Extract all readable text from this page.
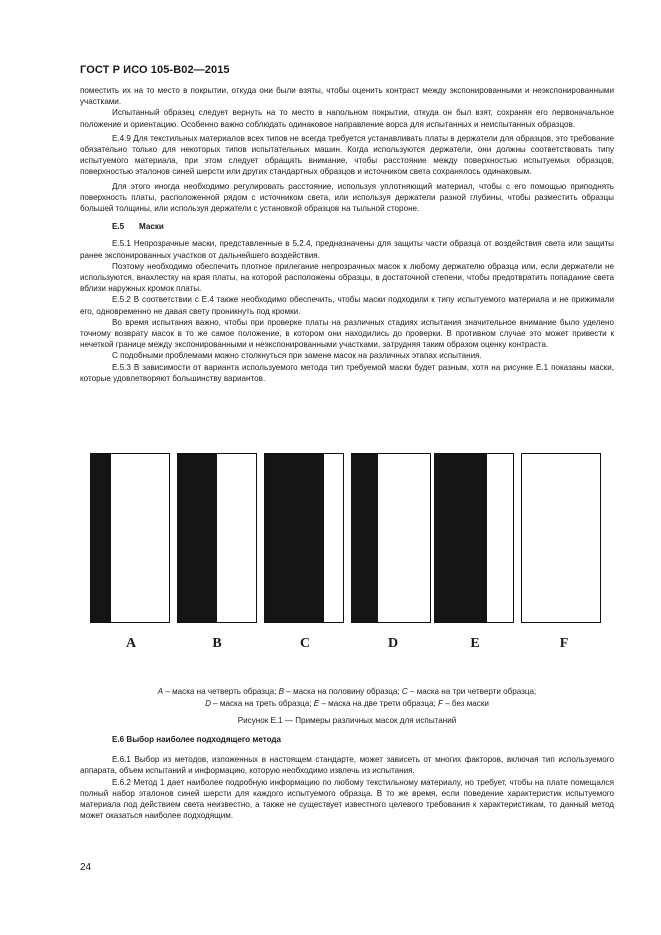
ГОСТ Р ИСО 105-B02—2015

поместить их на то место в покрытии, откуда они были взяты, чтобы оценить контраст между экспонированными и неэкспонированными участками.

Испытанный образец следует вернуть на то место в напольном покрытии, откуда он был взят, сохраняя его первоначальное положение и ориентацию. Особенно важно соблюдать одинаковое направление ворса для испытанных и неиспытанных образцов.

E.4.9 Для текстильных материалов всех типов не всегда требуется устанавливать платы в держатели для образцов, это требование обязательно только для некоторых типов испытательных машин. Когда используются держатели, они должны соответствовать типу испытуемого материала, при этом следует обращать внимание, чтобы расстояние между поверхностью испытуемых образцов, поверхностью эталонов синей шерсти или других стандартных образцов и источником света сохранялось одинаковым.

Для этого иногда необходимо регулировать расстояние, используя уплотняющий материал, чтобы с его помощью приподнять поверхность платы, расположенной рядом с источником света, или используя держатели разной глубины, чтобы разместить образцы большей толщины, или используя держатели с установкой образцов на тыльной стороне.

E.5 Маски

E.5.1 Непрозрачные маски, представленные в 5.2.4, предназначены для защиты части образца от воздействия света или защиты ранее экспонированных участков от дальнейшего воздействия.

Поэтому необходимо обеспечить плотное прилегание непрозрачных масок к любому держателю образца или, если держатели не используются, внахлестку на края платы, на которой расположены образцы, в достаточной степени, чтобы предотвратить попадание света вблизи наружных кромок платы.

E.5.2 В соответствии с E.4 также необходимо обеспечить, чтобы маски подходили к типу испытуемого материала и не прижимали его, одновременно не давая свету проникнуть под кромки.

Во время испытания важно, чтобы при проверке платы на различных стадиях испытания значительное внимание было уделено точному возврату масок в то же самое положение, в котором они находились до проверки. В противном случае это может привести к нечеткой границе между экспонированными и неэкспонированными участками, затрудняя таким образом оценку контраста.

С подобными проблемами можно столкнуться при замене масок на различных этапах испытания.

E.5.3 В зависимости от варианта используемого метода тип требуемой маски будет разным, хотя на рисунке E.1 показаны маски, которые удовлетворяют большинству вариантов.

A	B	C	D	E	F
A – маска на четверть образца; B – маска на половину образца; C – маска на три четверти образца;
D – маска на треть образца; E – маска на две трети образца; F – без маски
Рисунок E.1 — Примеры различных масок для испытаний
E.6 Выбор наиболее подходящего метода

E.6.1 Выбор из методов, изложенных в настоящем стандарте, может зависеть от многих факторов, включая тип используемого аппарата, объем испытаний и информацию, которую необходимо извлечь из испытания.

E.6.2 Метод 1 дает наиболее подробную информацию по любому текстильному материалу, но требует, чтобы на плате помещался полный набор эталонов синей шерсти для каждого испытуемого образца. В то же время, если поведение характеристик испытуемого материала под действием света неизвестно, а также не существует известного целевого требования к характеристикам, то данный метод может оказаться наиболее подходящим.

24
